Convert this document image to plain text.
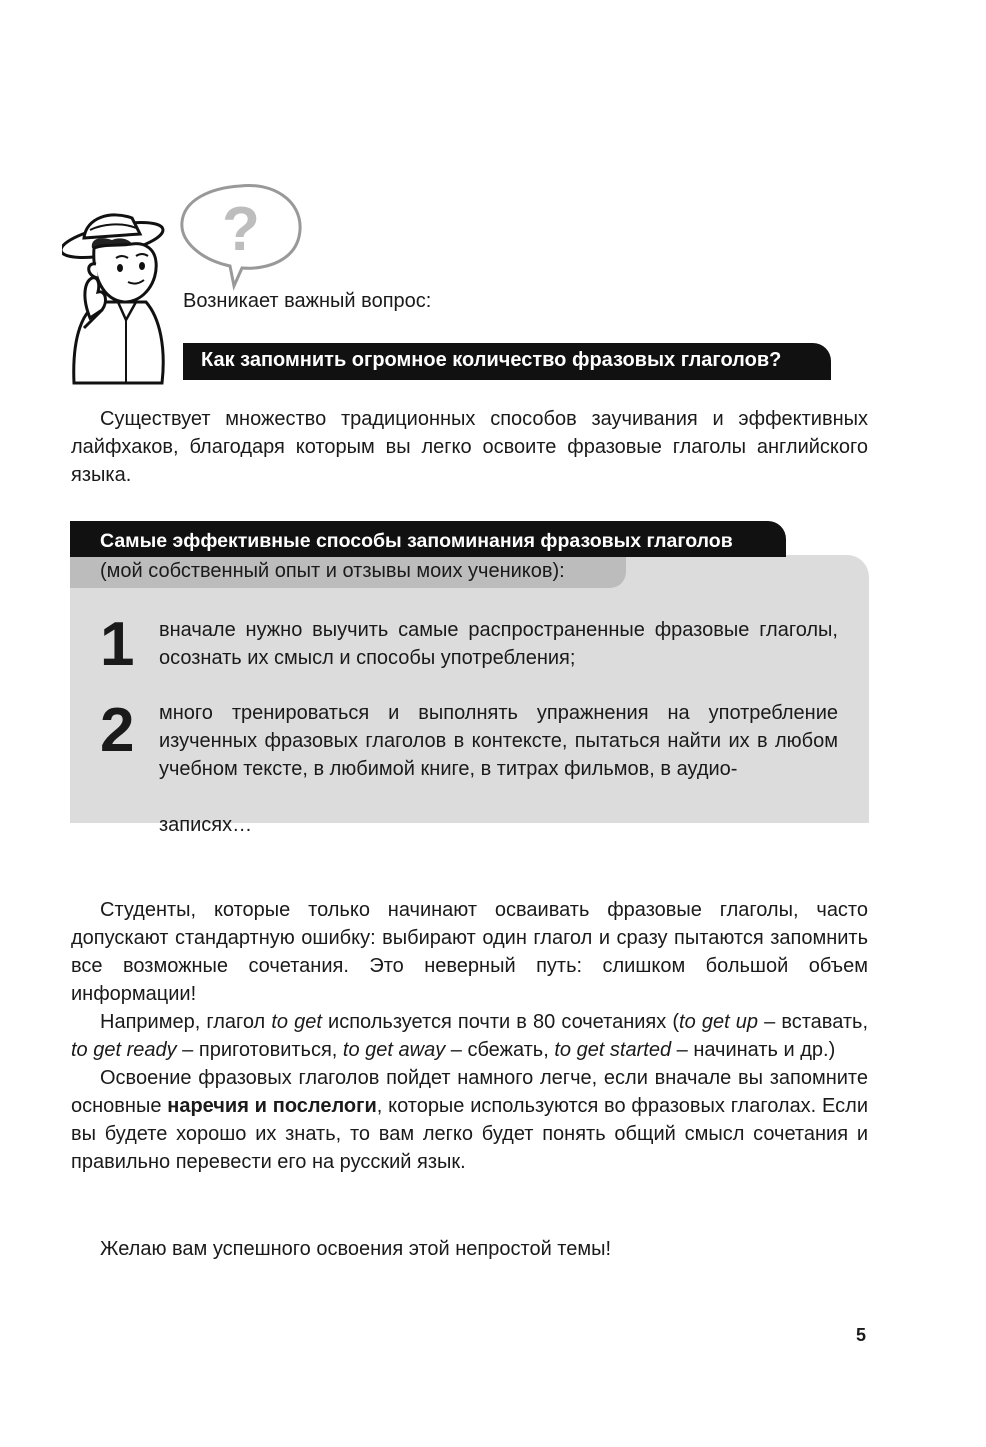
?
Возникает важный вопрос:
Как запомнить огромное количество фразовых глаголов?

Существует множество традиционных способов заучивания и эффективных лайфхаков, благодаря которым вы легко освоите фразовые глаголы английского языка.

Самые эффективные способы запоминания фразовых глаголов
(мой собственный опыт и отзывы моих учеников):
1 вначале нужно выучить самые распространенные фразовые глаголы, осознать их смысл и способы употребления;
2 много тренироваться и выполнять упражнения на употребление изученных фразовых глаголов в контексте, пытаться найти их в любом учебном тексте, в любимой книге, в титрах фильмов, в аудио-
записях…

Студенты, которые только начинают осваивать фразовые глаголы, часто допускают стандартную ошибку: выбирают один глагол и сразу пытаются запомнить все возможные сочетания. Это неверный путь: слишком большой объем информации!

Например, глагол to get используется почти в 80 сочетаниях (to get up – вставать, to get ready – приготовиться, to get away – сбежать, to get started – начинать и др.)

Освоение фразовых глаголов пойдет намного легче, если вначале вы запомните основные наречия и послелоги, которые используются во фразовых глаголах. Если вы будете хорошо их знать, то вам легко будет понять общий смысл сочетания и правильно перевести его на русский язык.

Желаю вам успешного освоения этой непростой темы!

5
